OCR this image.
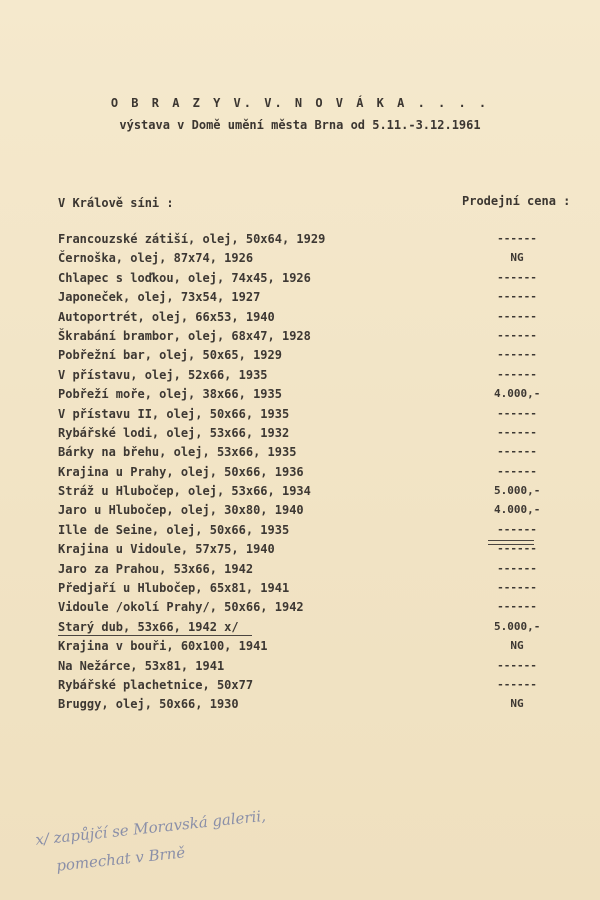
O B R A Z Y V. V. N O V Á K A . . . .
výstava v Domě umění města Brna od 5.11.-3.12.1961
V Králově síni :	Prodejní cena :
Francouzské zátiší, olej, 50x64, 1929	------
Černoška, olej, 87x74, 1926	NG
Chlapec s loďkou, olej, 74x45, 1926	------
Japoneček, olej, 73x54, 1927	------
Autoportrét, olej, 66x53, 1940	------
Škrabání brambor, olej, 68x47, 1928	------
Pobřežní bar, olej, 50x65, 1929	------
V přístavu, olej, 52x66, 1935	------
Pobřeží moře, olej, 38x66, 1935	4.000,-
V přístavu II, olej, 50x66, 1935	------
Rybářské lodi, olej, 53x66, 1932	------
Bárky na břehu, olej, 53x66, 1935	------
Krajina u Prahy, olej, 50x66, 1936	------
Stráž u Hlubočep, olej, 53x66, 1934	5.000,-
Jaro u Hlubočep, olej, 30x80, 1940	4.000,-
Ille de Seine, olej, 50x66, 1935	------
Krajina u Vidoule, 57x75, 1940	------
Jaro za Prahou, 53x66, 1942	------
Předjaří u Hlubočep, 65x81, 1941	------
Vidoule /okolí Prahy/, 50x66, 1942	------
Starý dub, 53x66, 1942 x/	5.000,-
Krajina v bouři, 60x100, 1941	NG
Na Nežárce, 53x81, 1941	------
Rybářské plachetnice, 50x77	------
Bruggy, olej, 50x66, 1930	NG
x/ zapůjčí se Moravská galerii,
pomechat v Brně
